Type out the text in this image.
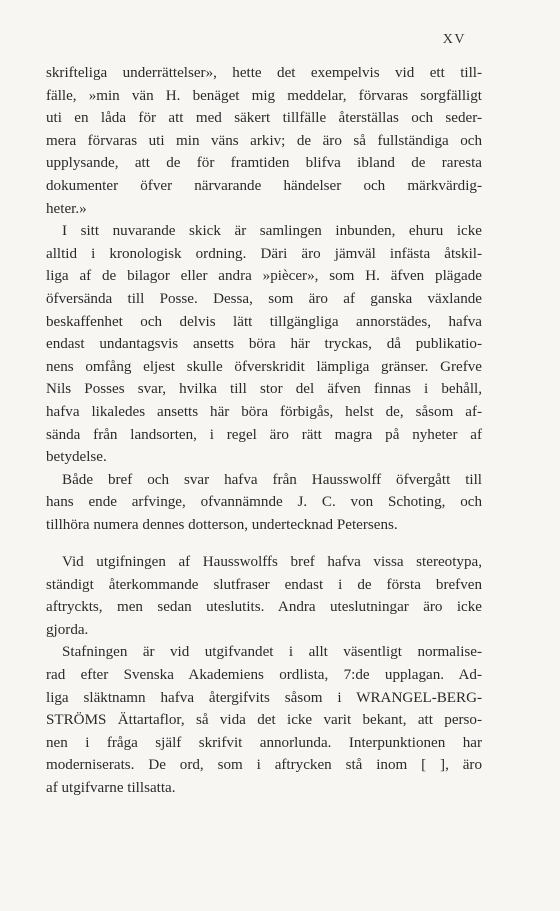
XV
skrifteliga underrättelser», hette det exempelvis vid ett till-
fälle, »min vän H. benäget mig meddelar, förvaras sorgfälligt
uti en låda för att med säkert tillfälle återställas och seder-
mera förvaras uti min väns arkiv; de äro så fullständiga och
upplysande, att de för framtiden blifva ibland de raresta
dokumenter öfver närvarande händelser och märkvärdig-
heter.»
I sitt nuvarande skick är samlingen inbunden, ehuru icke
alltid i kronologisk ordning. Däri äro jämväl infästa åtskil-
liga af de bilagor eller andra »piècer», som H. äfven plägade
öfversända till Posse. Dessa, som äro af ganska växlande
beskaffenhet och delvis lätt tillgängliga annorstädes, hafva
endast undantagsvis ansetts böra här tryckas, då publikatio-
nens omfång eljest skulle öfverskridit lämpliga gränser. Grefve
Nils Posses svar, hvilka till stor del äfven finnas i behåll,
hafva likaledes ansetts här böra förbigås, helst de, såsom af-
sända från landsorten, i regel äro rätt magra på nyheter af
betydelse.
Både bref och svar hafva från Hausswolff öfvergått till
hans ende arfvinge, ofvannämnde J. C. von Schoting, och
tillhöra numera dennes dotterson, undertecknad Petersens.
Vid utgifningen af Hausswolffs bref hafva vissa stereotypa,
ständigt återkommande slutfraser endast i de första brefven
aftryckts, men sedan uteslutits. Andra uteslutningar äro icke
gjorda.
Stafningen är vid utgifvandet i allt väsentligt normalise-
rad efter Svenska Akademiens ordlista, 7:de upplagan. Ad-
liga släktnamn hafva återgifvits såsom i WRANGEL-BERG-
STRÖMS Ättartaflor, så vida det icke varit bekant, att perso-
nen i fråga själf skrifvit annorlunda. Interpunktionen har
moderniserats. De ord, som i aftrycken stå inom [ ], äro
af utgifvarne tillsatta.
